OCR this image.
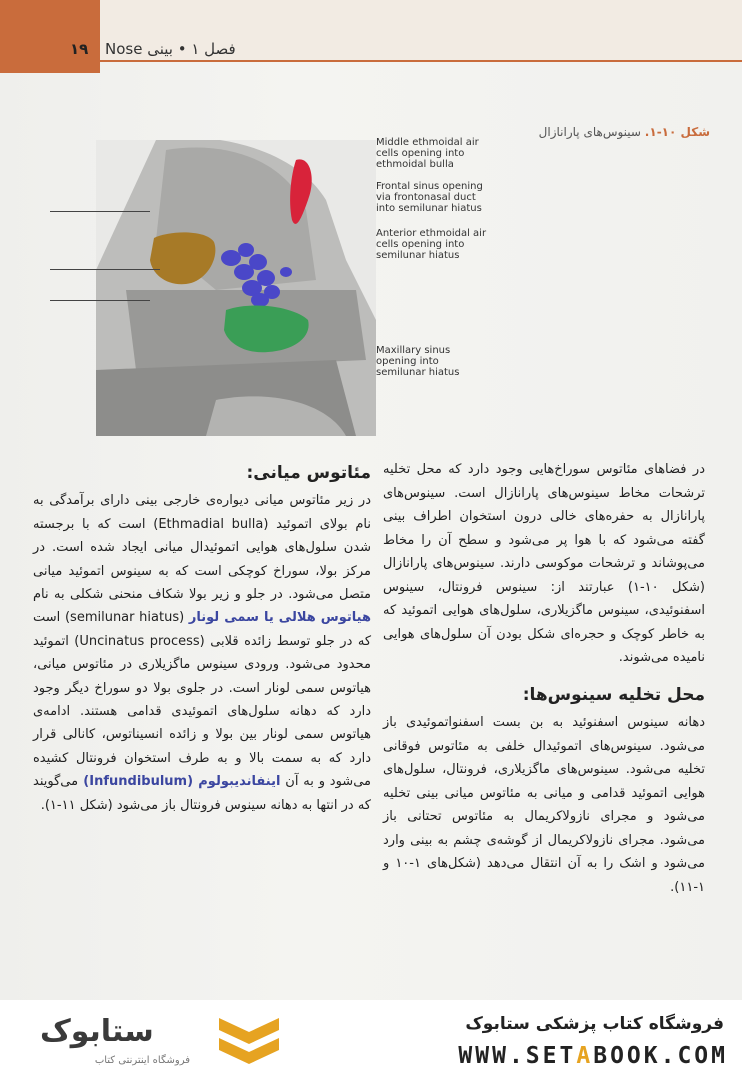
۱۹ فصل ۱ • بینی Nose
شکل ۱۰-۱. سینوس‌های پارانازال
Middle ethmoidal air cells opening into ethmoidal bulla
Frontal sinus opening via frontonasal duct into semilunar hiatus
Anterior ethmoidal air cells opening into semilunar hiatus
Maxillary sinus opening into semilunar hiatus

در فضاهای مئاتوس سوراخ‌هایی وجود دارد که محل تخلیه ترشحات مخاط سینوس‌های پارانازال است. سینوس‌های پارانازال به حفره‌های خالی درون استخوان اطراف بینی گفته می‌شود که با هوا پر می‌شود و سطح آن را مخاط می‌پوشاند و ترشحات موکوسی دارند. سینوس‌های پارانازال (شکل ۱۰-۱) عبارتند از: سینوس فرونتال، سینوس اسفنوئیدی، سینوس ماگزیلاری، سلول‌های هوایی اتموئید که به خاطر کوچک و حجره‌ای شکل بودن آن سلول‌های هوایی نامیده می‌شوند.

محل تخلیه سینوس‌ها:

دهانه سینوس اسفنوئید به بن بست اسفنواتموئیدی باز می‌شود. سینوس‌های اتموئیدال خلفی به مئاتوس فوقانی تخلیه می‌شود. سینوس‌های ماگزیلاری، فرونتال، سلول‌های هوایی اتموئید قدامی و میانی به مئاتوس میانی بینی تخلیه می‌شود و مجرای نازولاکریمال به مئاتوس تحتانی باز می‌شود. مجرای نازولاکریمال از گوشه‌ی چشم به بینی وارد می‌شود و اشک را به آن انتقال می‌دهد (شکل‌های ۱-۱۰ و ۱-۱۱).

مئاتوس میانی:

در زیر مئاتوس میانی دیواره‌ی خارجی بینی دارای برآمدگی به نام بولای اتموئید (Ethmadial bulla) است که با برجسته شدن سلول‌های هوایی اتموئیدال میانی ایجاد شده است. در مرکز بولا، سوراخ کوچکی است که به سینوس اتموئید میانی متصل می‌شود. در جلو و زیر بولا شکاف منحنی شکلی به نام هیاتوس هلالی یا سمی لونار (semilunar hiatus) است که در جلو توسط زائده قلابی (Uncinatus process) اتموئید محدود می‌شود. ورودی سینوس ماگزیلاری در مئاتوس میانی، هیاتوس سمی لونار است. در جلوی بولا دو سوراخ دیگر وجود دارد که دهانه سلول‌های اتموئیدی قدامی هستند. ادامه‌ی هیاتوس سمی لونار بین بولا و زائده انسیناتوس، کانالی قرار دارد که به سمت بالا و به طرف استخوان فرونتال کشیده می‌شود و به آن اینفاندیبولوم (Infundibulum) می‌گویند که در انتها به دهانه سینوس فرونتال باز می‌شود (شکل ۱۱-۱).

ستابوک
فروشگاه اینترنتی کتاب
فروشگاه کتاب پزشکی ستابوک
WWW.SETABOOK.COM
